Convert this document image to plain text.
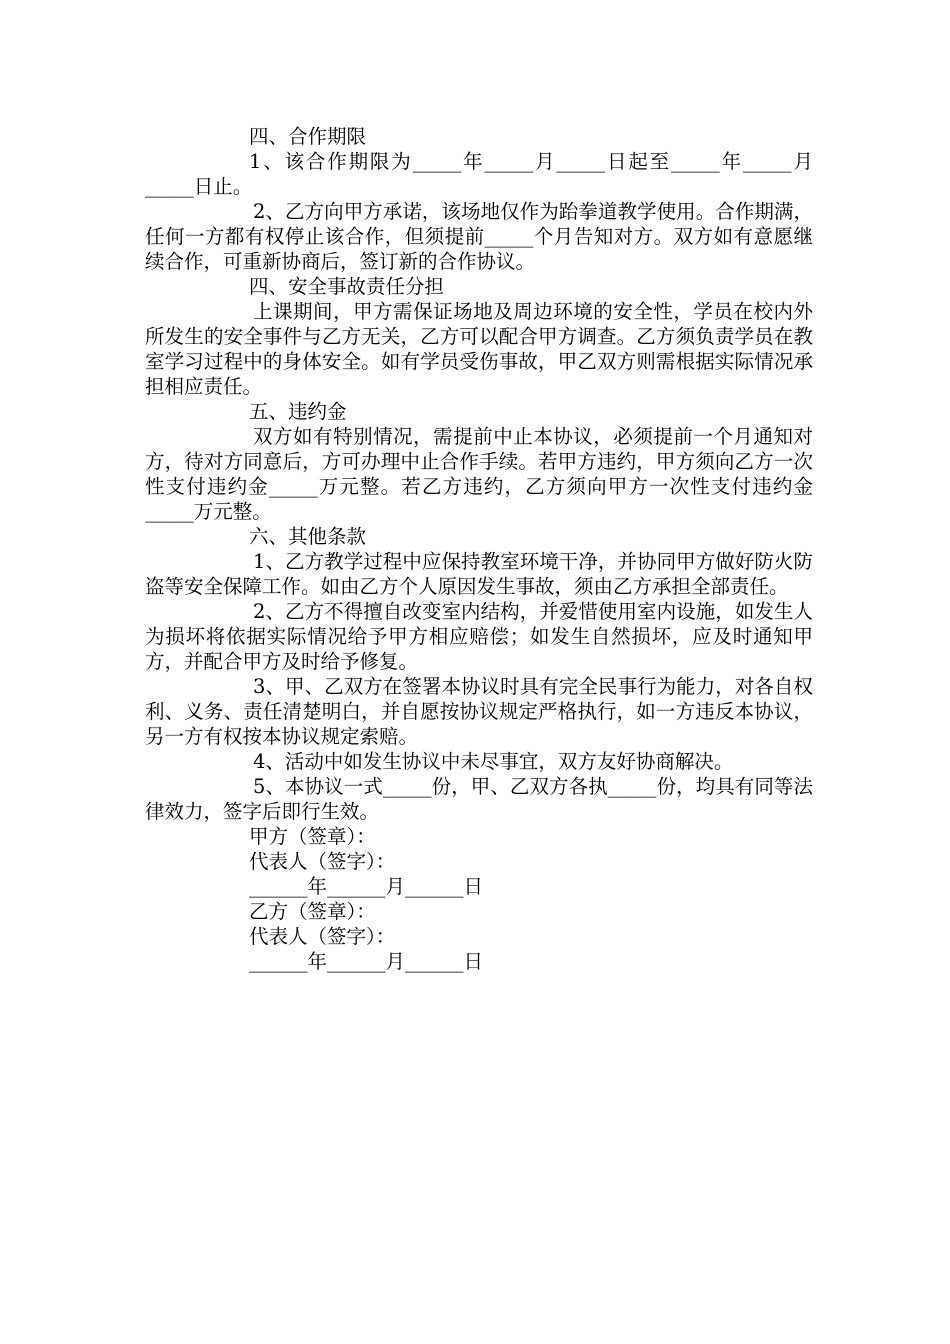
四、合作期限

1、该合作期限为_____年_____月_____日起至_____年_____月_____日止。

2、乙方向甲方承诺，该场地仅作为跆拳道教学使用。合作期满，任何一方都有权停止该合作，但须提前_____个月告知对方。双方如有意愿继续合作，可重新协商后，签订新的合作协议。

四、安全事故责任分担

上课期间，甲方需保证场地及周边环境的安全性，学员在校内外所发生的安全事件与乙方无关，乙方可以配合甲方调查。乙方须负责学员在教室学习过程中的身体安全。如有学员受伤事故，甲乙双方则需根据实际情况承担相应责任。

五、违约金

双方如有特别情况，需提前中止本协议，必须提前一个月通知对方，待对方同意后，方可办理中止合作手续。若甲方违约，甲方须向乙方一次性支付违约金_____万元整。若乙方违约，乙方须向甲方一次性支付违约金_____万元整。

六、其他条款

1、乙方教学过程中应保持教室环境干净，并协同甲方做好防火防盗等安全保障工作。如由乙方个人原因发生事故，须由乙方承担全部责任。

2、乙方不得擅自改变室内结构，并爱惜使用室内设施，如发生人为损坏将依据实际情况给予甲方相应赔偿；如发生自然损坏，应及时通知甲方，并配合甲方及时给予修复。

3、甲、乙双方在签署本协议时具有完全民事行为能力，对各自权利、义务、责任清楚明白，并自愿按协议规定严格执行，如一方违反本协议，另一方有权按本协议规定索赔。

4、活动中如发生协议中未尽事宜，双方友好协商解决。

5、本协议一式_____份，甲、乙双方各执_____份，均具有同等法律效力，签字后即行生效。

甲方（签章）：

代表人（签字）：

______年______月______日

乙方（签章）：

代表人（签字）：

______年______月______日
